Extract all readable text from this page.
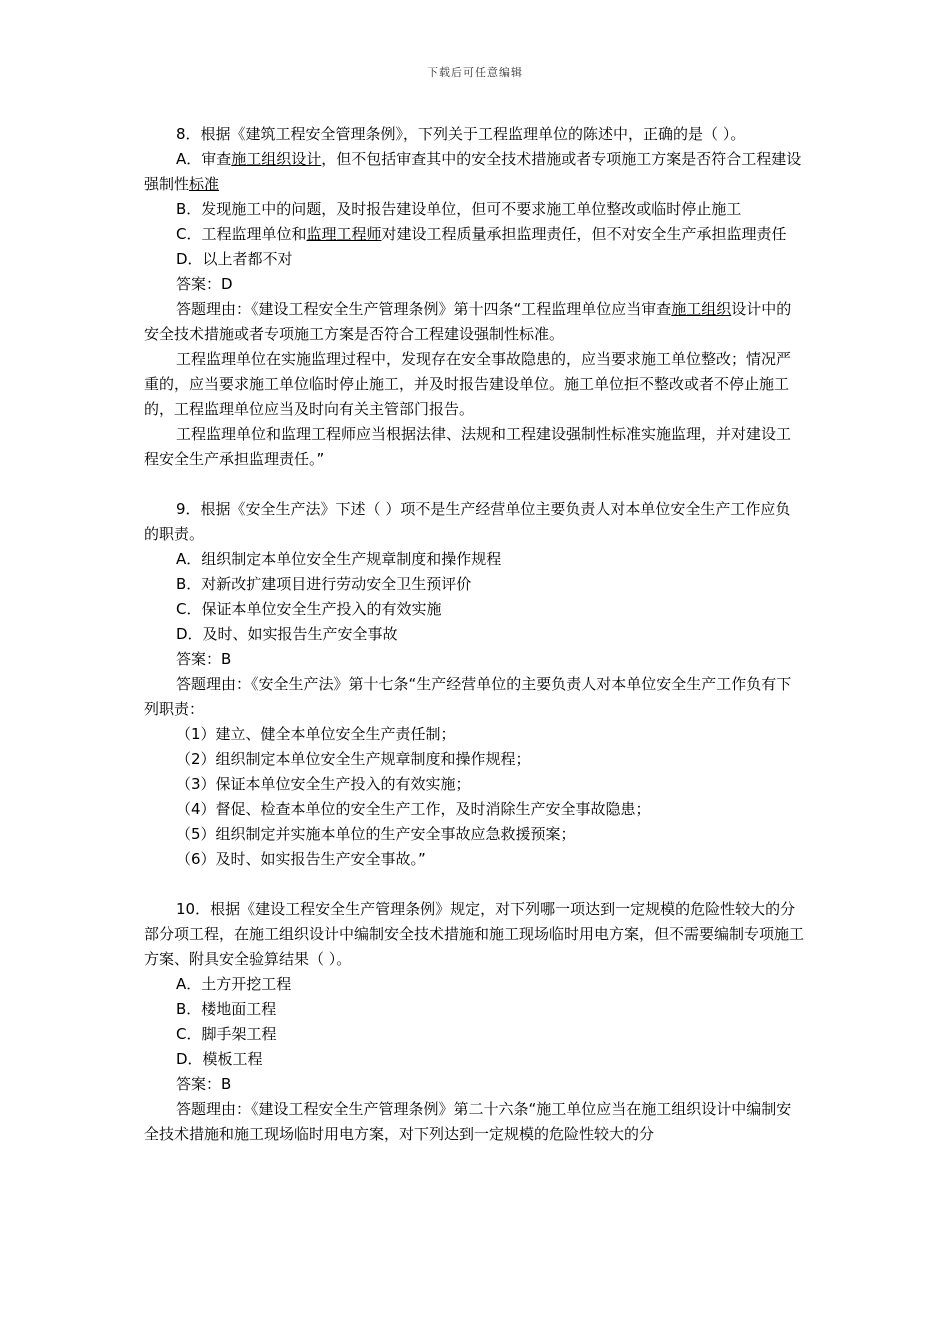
下载后可任意编辑

8．根据《建筑工程安全管理条例》，下列关于工程监理单位的陈述中，正确的是（ ）。

A．审查施工组织设计，但不包括审查其中的安全技术措施或者专项施工方案是否符合工程建设强制性标准

B．发现施工中的问题，及时报告建设单位，但可不要求施工单位整改或临时停止施工

C．工程监理单位和监理工程师对建设工程质量承担监理责任，但不对安全生产承担监理责任

D．以上者都不对

答案：D

答题理由：《建设工程安全生产管理条例》第十四条“工程监理单位应当审查施工组织设计中的安全技术措施或者专项施工方案是否符合工程建设强制性标准。

工程监理单位在实施监理过程中，发现存在安全事故隐患的，应当要求施工单位整改；情况严重的，应当要求施工单位临时停止施工，并及时报告建设单位。施工单位拒不整改或者不停止施工的，工程监理单位应当及时向有关主管部门报告。

工程监理单位和监理工程师应当根据法律、法规和工程建设强制性标准实施监理，并对建设工程安全生产承担监理责任。”

9．根据《安全生产法》下述（ ）项不是生产经营单位主要负责人对本单位安全生产工作应负的职责。

A．组织制定本单位安全生产规章制度和操作规程

B．对新改扩建项目进行劳动安全卫生预评价

C．保证本单位安全生产投入的有效实施

D．及时、如实报告生产安全事故

答案：B

答题理由：《安全生产法》第十七条“生产经营单位的主要负责人对本单位安全生产工作负有下列职责：

（1）建立、健全本单位安全生产责任制；

（2）组织制定本单位安全生产规章制度和操作规程；

（3）保证本单位安全生产投入的有效实施；

（4）督促、检查本单位的安全生产工作，及时消除生产安全事故隐患；

（5）组织制定并实施本单位的生产安全事故应急救援预案；

（6）及时、如实报告生产安全事故。”

10．根据《建设工程安全生产管理条例》规定，对下列哪一项达到一定规模的危险性较大的分部分项工程，在施工组织设计中编制安全技术措施和施工现场临时用电方案，但不需要编制专项施工方案、附具安全验算结果（ ）。

A．土方开挖工程

B．楼地面工程

C．脚手架工程

D．模板工程

答案：B

答题理由：《建设工程安全生产管理条例》第二十六条“施工单位应当在施工组织设计中编制安全技术措施和施工现场临时用电方案，对下列达到一定规模的危险性较大的分
